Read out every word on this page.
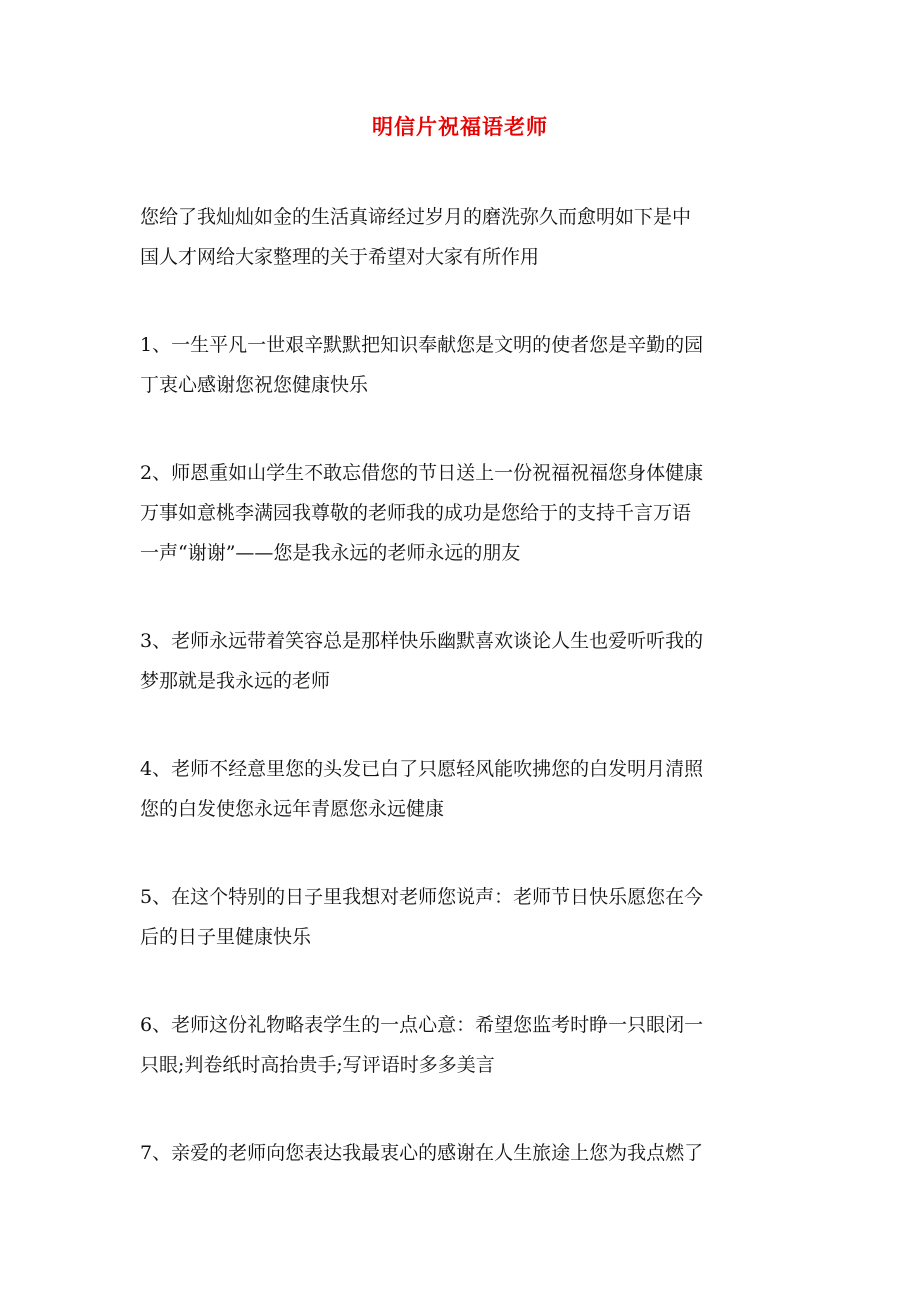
明信片祝福语老师

您给了我灿灿如金的生活真谛经过岁月的磨洗弥久而愈明如下是中
国人才网给大家整理的关于希望对大家有所作用

1、一生平凡一世艰辛默默把知识奉献您是文明的使者您是辛勤的园
丁衷心感谢您祝您健康快乐

2、师恩重如山学生不敢忘借您的节日送上一份祝福祝福您身体健康
万事如意桃李满园我尊敬的老师我的成功是您给于的支持千言万语
一声“谢谢”——您是我永远的老师永远的朋友

3、老师永远带着笑容总是那样快乐幽默喜欢谈论人生也爱听听我的
梦那就是我永远的老师

4、老师不经意里您的头发已白了只愿轻风能吹拂您的白发明月清照
您的白发使您永远年青愿您永远健康

5、在这个特别的日子里我想对老师您说声：老师节日快乐愿您在今
后的日子里健康快乐

6、老师这份礼物略表学生的一点心意：希望您监考时睁一只眼闭一
只眼;判卷纸时高抬贵手;写评语时多多美言

7、亲爱的老师向您表达我最衷心的感谢在人生旅途上您为我点燃了
